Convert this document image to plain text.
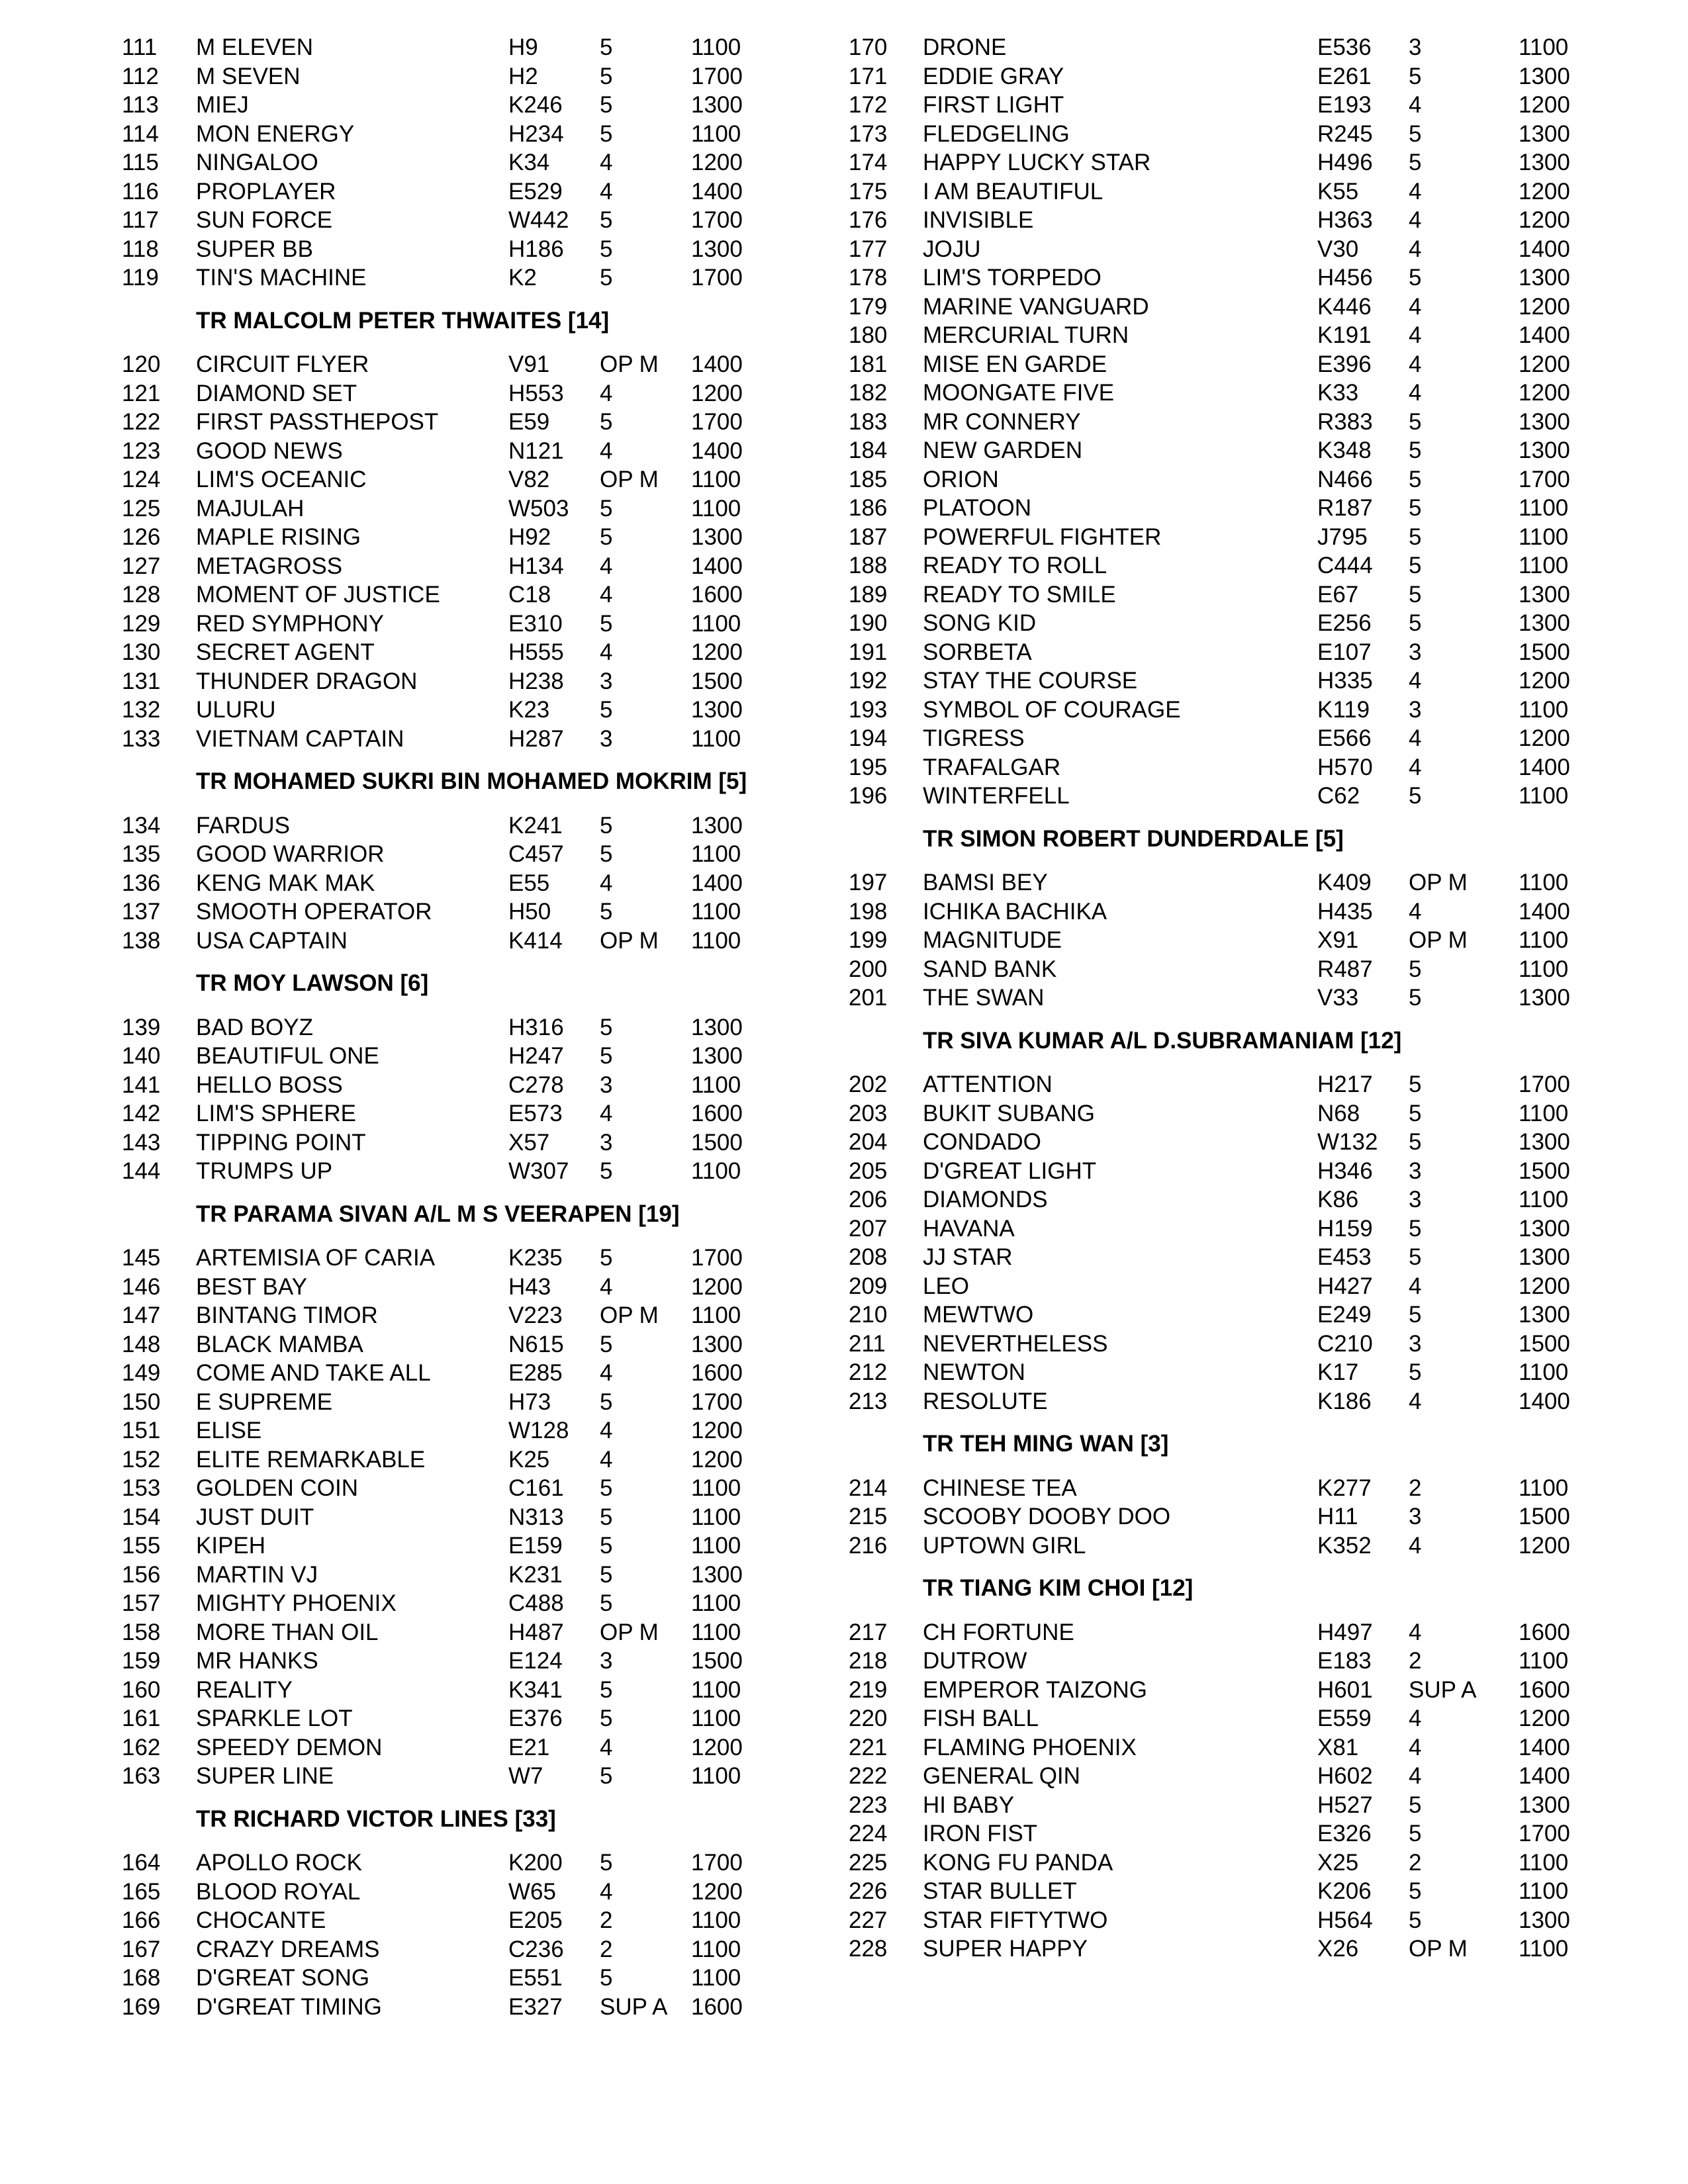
111 M ELEVEN	H9	5	1100
112 M SEVEN	H2	5	1700
113 MIEJ	K246 5	1300
114 MON ENERGY	H234 5	1100
115 NINGALOO	K34 4	1200
116 PROPLAYER	E529 4	1400
117 SUN FORCE	W442 5	1700
118 SUPER BB	H186 5	1300
119 TIN'S MACHINE	K2	5	1700
TR MALCOLM PETER THWAITES [14]
120 CIRCUIT FLYER	V91 OP M 1400
121 DIAMOND SET	H553 4	1200
122 FIRST PASSTHEPOST	E59 5	1700
123 GOOD NEWS	N121 4	1400
124 LIM'S OCEANIC	V82 OP M 1100
125 MAJULAH	W503 5	1100
126 MAPLE RISING	H92 5	1300
127 METAGROSS	H134 4	1400
128 MOMENT OF JUSTICE	C18 4	1600
129 RED SYMPHONY	E310 5	1100
130 SECRET AGENT	H555 4	1200
131 THUNDER DRAGON	H238 3	1500
132 ULURU	K23 5	1300
133 VIETNAM CAPTAIN	H287 3	1100
TR MOHAMED SUKRI BIN MOHAMED MOKRIM [5]
134 FARDUS	K241 5	1300
135 GOOD WARRIOR	C457 5	1100
136 KENG MAK MAK	E55 4	1400
137 SMOOTH OPERATOR	H50 5	1100
138 USA CAPTAIN	K414 OP M 1100
TR MOY LAWSON [6]
139 BAD BOYZ	H316 5	1300
140 BEAUTIFUL ONE	H247 5	1300
141 HELLO BOSS	C278 3	1100
142 LIM'S SPHERE	E573 4	1600
143 TIPPING POINT	X57 3	1500
144 TRUMPS UP	W307 5	1100
TR PARAMA SIVAN A/L M S VEERAPEN [19]
145 ARTEMISIA OF CARIA	K235 5	1700
146 BEST BAY	H43 4	1200
147 BINTANG TIMOR	V223 OP M 1100
148 BLACK MAMBA	N615 5	1300
149 COME AND TAKE ALL	E285 4	1600
150 E SUPREME	H73 5	1700
151 ELISE	W128 4	1200
152 ELITE REMARKABLE	K25 4	1200
153 GOLDEN COIN	C161 5	1100
154 JUST DUIT	N313 5	1100
155 KIPEH	E159 5	1100
156 MARTIN VJ	K231 5	1300
157 MIGHTY PHOENIX	C488 5	1100
158 MORE THAN OIL	H487 OP M 1100
159 MR HANKS	E124 3	1500
160 REALITY	K341 5	1100
161 SPARKLE LOT	E376 5	1100
162 SPEEDY DEMON	E21 4	1200
163 SUPER LINE	W7 5	1100
TR RICHARD VICTOR LINES [33]
164 APOLLO ROCK	K200 5	1700
165 BLOOD ROYAL	W65 4	1200
166 CHOCANTE	E205 2	1100
167 CRAZY DREAMS	C236 2	1100
168 D'GREAT SONG	E551 5	1100
169 D'GREAT TIMING	E327 SUP A 1600
170 DRONE	E536 3	1100
171 EDDIE GRAY	E261 5	1300
172 FIRST LIGHT	E193 4	1200
173 FLEDGELING	R245 5	1300
174 HAPPY LUCKY STAR	H496 5	1300
175 I AM BEAUTIFUL	K55 4	1200
176 INVISIBLE	H363 4	1200
177 JOJU	V30 4	1400
178 LIM'S TORPEDO	H456 5	1300
179 MARINE VANGUARD	K446 4	1200
180 MERCURIAL TURN	K191 4	1400
181 MISE EN GARDE	E396 4	1200
182 MOONGATE FIVE	K33 4	1200
183 MR CONNERY	R383 5	1300
184 NEW GARDEN	K348 5	1300
185 ORION	N466 5	1700
186 PLATOON	R187 5	1100
187 POWERFUL FIGHTER	J795 5	1100
188 READY TO ROLL	C444 5	1100
189 READY TO SMILE	E67 5	1300
190 SONG KID	E256 5	1300
191 SORBETA	E107 3	1500
192 STAY THE COURSE	H335 4	1200
193 SYMBOL OF COURAGE	K119 3	1100
194 TIGRESS	E566 4	1200
195 TRAFALGAR	H570 4	1400
196 WINTERFELL	C62 5	1100
TR SIMON ROBERT DUNDERDALE [5]
197 BAMSI BEY	K409 OP M 1100
198 ICHIKA BACHIKA	H435 4	1400
199 MAGNITUDE	X91 OP M 1100
200 SAND BANK	R487 5	1100
201 THE SWAN	V33 5	1300
TR SIVA KUMAR A/L D.SUBRAMANIAM [12]
202 ATTENTION	H217 5	1700
203 BUKIT SUBANG	N68 5	1100
204 CONDADO	W132 5	1300
205 D'GREAT LIGHT	H346 3	1500
206 DIAMONDS	K86 3	1100
207 HAVANA	H159 5	1300
208 JJ STAR	E453 5	1300
209 LEO	H427 4	1200
210 MEWTWO	E249 5	1300
211 NEVERTHELESS	C210 3	1500
212 NEWTON	K17 5	1100
213 RESOLUTE	K186 4	1400
TR TEH MING WAN [3]
214 CHINESE TEA	K277 2	1100
215 SCOOBY DOOBY DOO	H11 3	1500
216 UPTOWN GIRL	K352 4	1200
TR TIANG KIM CHOI [12]
217 CH FORTUNE	H497 4	1600
218 DUTROW	E183 2	1100
219 EMPEROR TAIZONG	H601 SUP A 1600
220 FISH BALL	E559 4	1200
221 FLAMING PHOENIX	X81 4	1400
222 GENERAL QIN	H602 4	1400
223 HI BABY	H527 5	1300
224 IRON FIST	E326 5	1700
225 KONG FU PANDA	X25 2	1100
226 STAR BULLET	K206 5	1100
227 STAR FIFTYTWO	H564 5	1300
228 SUPER HAPPY	X26 OP M 1100
